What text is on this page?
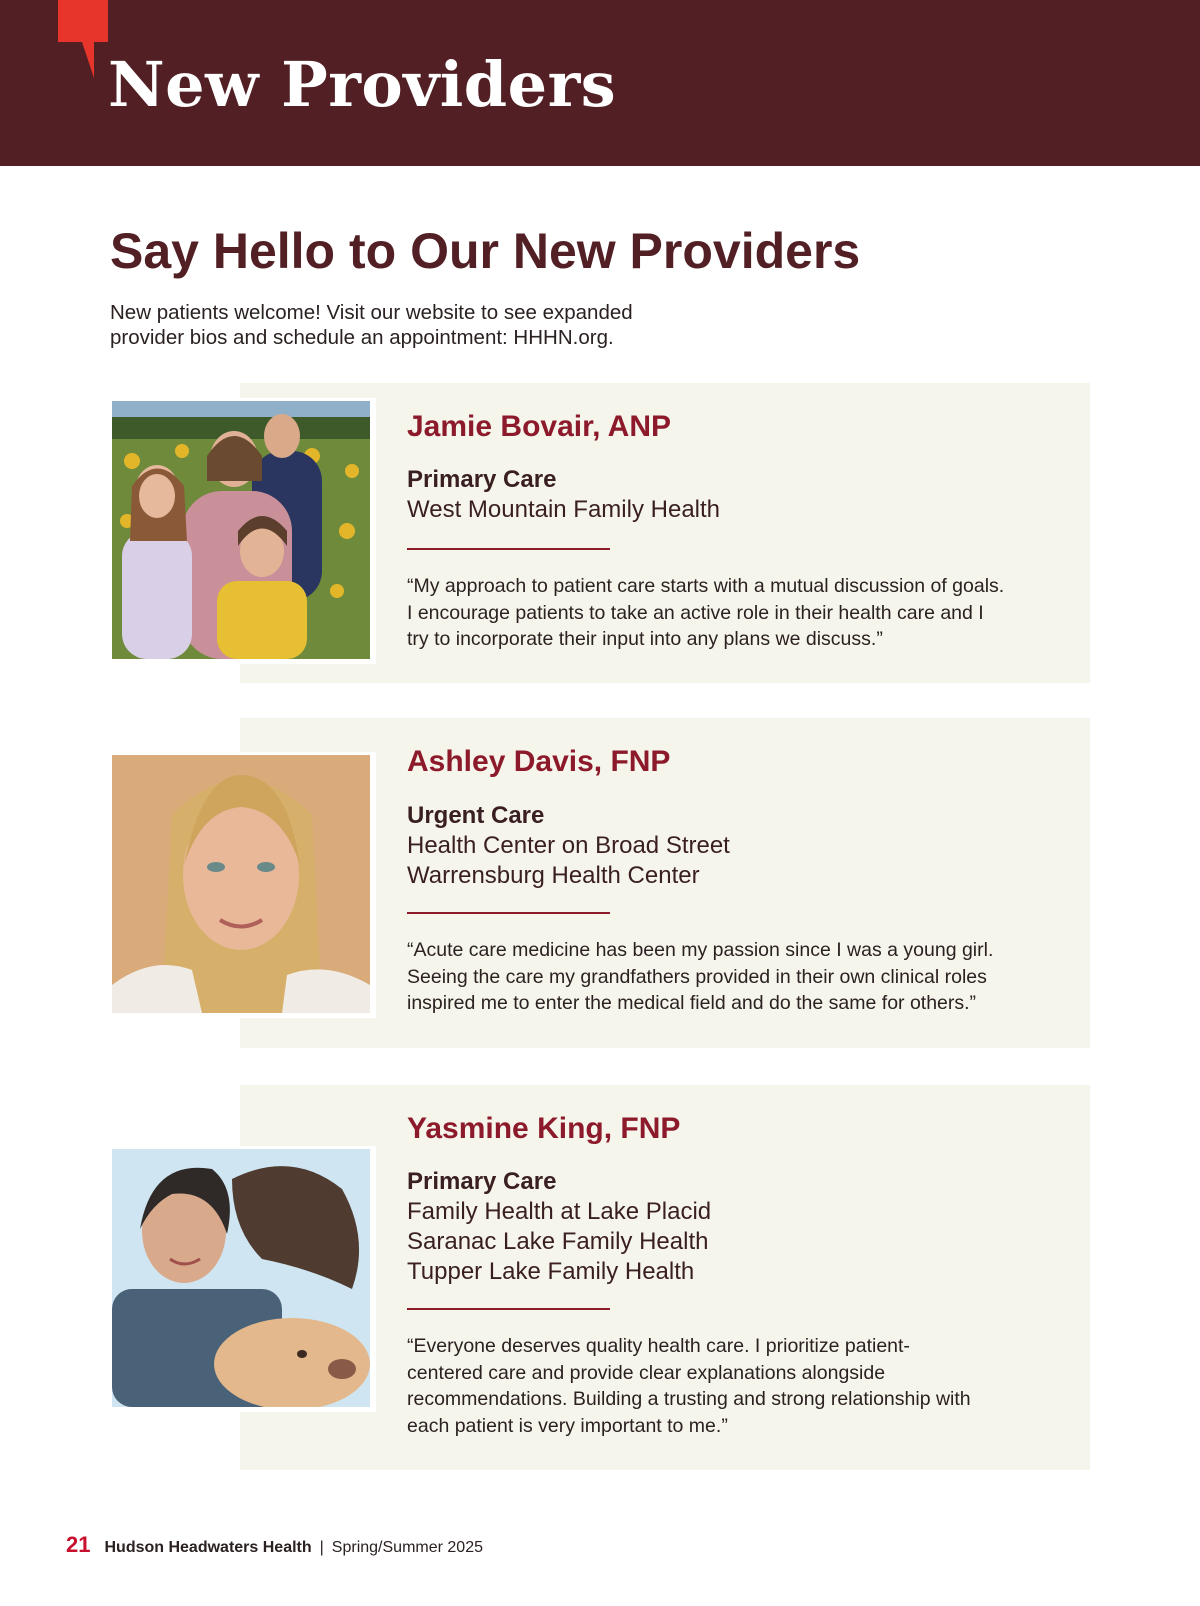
New Providers
Say Hello to Our New Providers

New patients welcome! Visit our website to see expanded
provider bios and schedule an appointment: HHHN.org.

Jamie Bovair, ANP
Primary Care
West Mountain Family Health
“My approach to patient care starts with a mutual discussion of goals.
I encourage patients to take an active role in their health care and I
try to incorporate their input into any plans we discuss.”
Ashley Davis, FNP
Urgent Care
Health Center on Broad Street
Warrensburg Health Center
“Acute care medicine has been my passion since I was a young girl.
Seeing the care my grandfathers provided in their own clinical roles
inspired me to enter the medical field and do the same for others.”
Yasmine King, FNP
Primary Care
Family Health at Lake Placid
Saranac Lake Family Health
Tupper Lake Family Health
“Everyone deserves quality health care. I prioritize patient-
centered care and provide clear explanations alongside
recommendations. Building a trusting and strong relationship with
each patient is very important to me.”
21 Hudson Headwaters Health | Spring/Summer 2025
